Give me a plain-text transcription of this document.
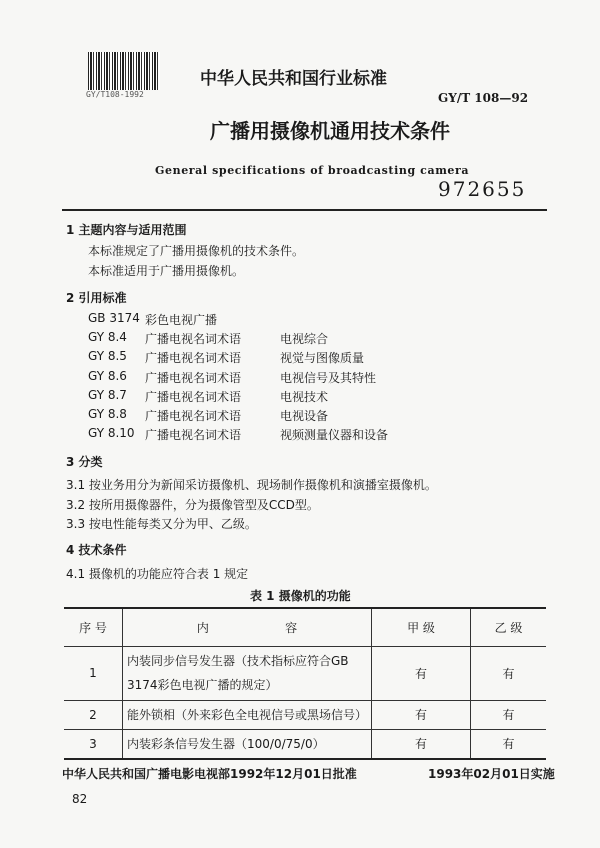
GY/T108-1992
中华人民共和国行业标准
GY/T 108—92
广播用摄像机通用技术条件
General specifications of broadcasting camera
972655
1 主题内容与适用范围
本标准规定了广播用摄像机的技术条件。
本标准适用于广播用摄像机。
2 引用标准
GB 3174 彩色电视广播
GY 8.4 广播电视名词术语	电视综合
GY 8.5 广播电视名词术语	视觉与图像质量
GY 8.6 广播电视名词术语	电视信号及其特性
GY 8.7 广播电视名词术语	电视技术
GY 8.8 广播电视名词术语	电视设备
GY 8.10 广播电视名词术语	视频测量仪器和设备
3 分类
3.1 按业务用分为新闻采访摄像机、现场制作摄像机和演播室摄像机。
3.2 按所用摄像器件，分为摄像管型及CCD型。
3.3 按电性能每类又分为甲、乙级。
4 技术条件
4.1 摄像机的功能应符合表 1 规定
表 1 摄像机的功能
序 号	内                    容	甲 级	乙 级
1	内装同步信号发生器（技术指标应符合GB 3174彩色电视广播的规定）	有	有
2	能外锁相（外来彩色全电视信号或黑场信号）	有	有
3	内装彩条信号发生器（100/0/75/0）	有	有
中华人民共和国广播电影电视部1992年12月01日批准	1993年02月01日实施
82
